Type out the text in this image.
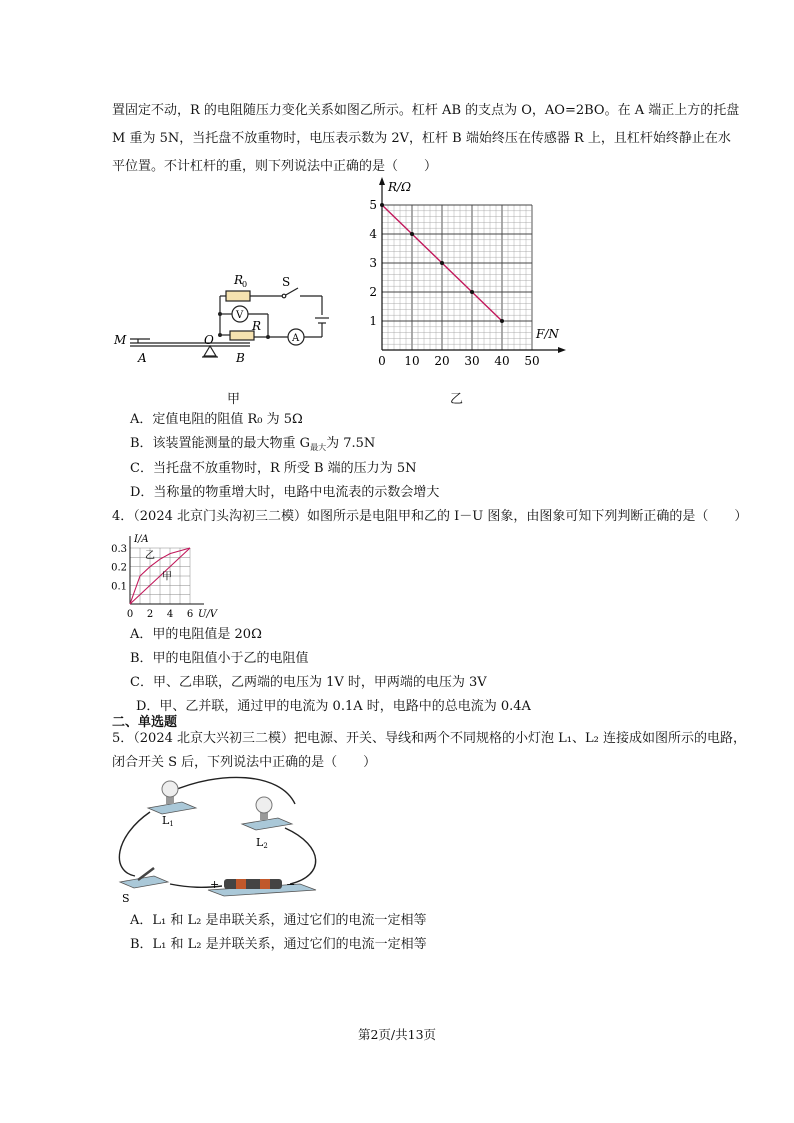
置固定不动，R 的电阻随压力变化关系如图乙所示。杠杆 AB 的支点为 O，AO=2BO。在 A 端正上方的托盘
M 重为 5N，当托盘不放重物时，电压表示数为 2V，杠杆 B 端始终压在传感器 R 上，且杠杆始终静止在水
平位置。不计杠杆的重，则下列说法中正确的是（　　）
R
0	S
V
R
A
M
A
O
B
甲
R/Ω
F/N
0 10 20 30 40 50
1
2
3
4
5
乙
A．定值电阻的阻值 R₀ 为 5Ω
B．该装置能测量的最大物重 $G_{最大}$为 7.5N
C．当托盘不放重物时，R 所受 B 端的压力为 5N
D．当称量的物重增大时，电路中电流表的示数会增大
4．（2024 北京门头沟初三二模）如图所示是电阻甲和乙的 I－U 图象，由图象可知下列判断正确的是（　　）
I/A
U/V
0 2 4 6
0.1
0.2
0.3
甲
乙
A．甲的电阻值是 20Ω
B．甲的电阻值小于乙的电阻值
C．甲、乙串联，乙两端的电压为 1V 时，甲两端的电压为 3V
D．甲、乙并联，通过甲的电流为 0.1A 时，电路中的总电流为 0.4A
二、单选题
5．（2024 北京大兴初三二模）把电源、开关、导线和两个不同规格的小灯泡 L₁、L₂ 连接成如图所示的电路，
闭合开关 S 后，下列说法中正确的是（　　）
L1
L2
S
+	−
A．L₁ 和 L₂ 是串联关系，通过它们的电流一定相等
B．L₁ 和 L₂ 是并联关系，通过它们的电流一定相等
第2页/共13页
